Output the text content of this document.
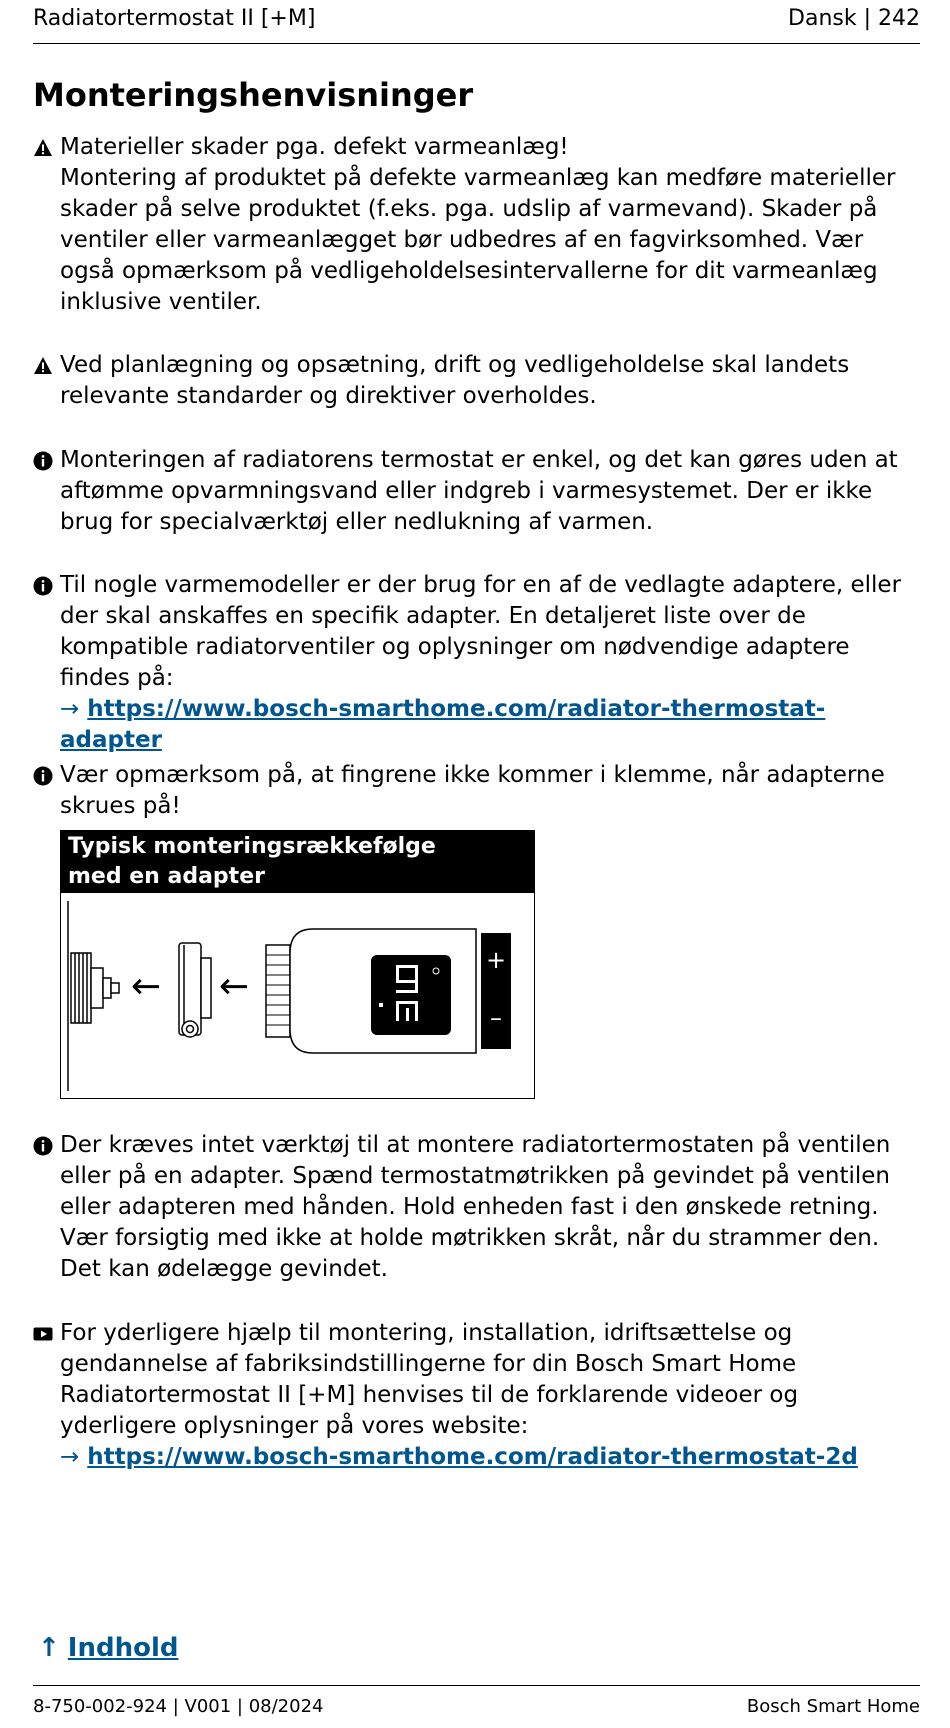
Radiatortermostat II [+M]	Dansk | 242
Monteringshenvisninger

Materieller skader pga. defekt varmeanlæg!

Montering af produktet på defekte varmeanlæg kan medføre materieller skader på selve produktet (f.eks. pga. udslip af varmevand). Skader på ventiler eller varmeanlægget bør udbedres af en fagvirksomhed. Vær også opmærksom på vedligeholdelsesintervallerne for dit varmeanlæg inklusive ventiler.

Ved planlægning og opsætning, drift og vedligeholdelse skal landets relevante standarder og direktiver overholdes.

Monteringen af radiatorens termostat er enkel, og det kan gøres uden at aftømme opvarmningsvand eller indgreb i varmesystemet. Der er ikke brug for specialværktøj eller nedlukning af varmen.

Til nogle varmemodeller er der brug for en af de vedlagte adaptere, eller der skal anskaffes en specifik adapter. En detaljeret liste over de kompatible radiatorventiler og oplysninger om nødvendige adaptere findes på:

→ https://www.bosch-smarthome.com/radiator-thermostat-adapter

Vær opmærksom på, at fingrene ikke kommer i klemme, når adapterne skrues på!

Typisk monteringsrækkefølge
med en adapter
← ←
+
–

Der kræves intet værktøj til at montere radiatortermostaten på ventilen eller på en adapter. Spænd termostatmøtrikken på gevindet på ventilen eller adapteren med hånden. Hold enheden fast i den ønskede retning. Vær forsigtig med ikke at holde møtrikken skråt, når du strammer den. Det kan ødelægge gevindet.

For yderligere hjælp til montering, installation, idriftsættelse og gendannelse af fabriksindstillingerne for din Bosch Smart Home Radiatortermostat II [+M] henvises til de forklarende videoer og yderligere oplysninger på vores website:

→ https://www.bosch-smarthome.com/radiator-thermostat-2d

↑ Indhold
8-750-002-924 | V001 | 08/2024	Bosch Smart Home
